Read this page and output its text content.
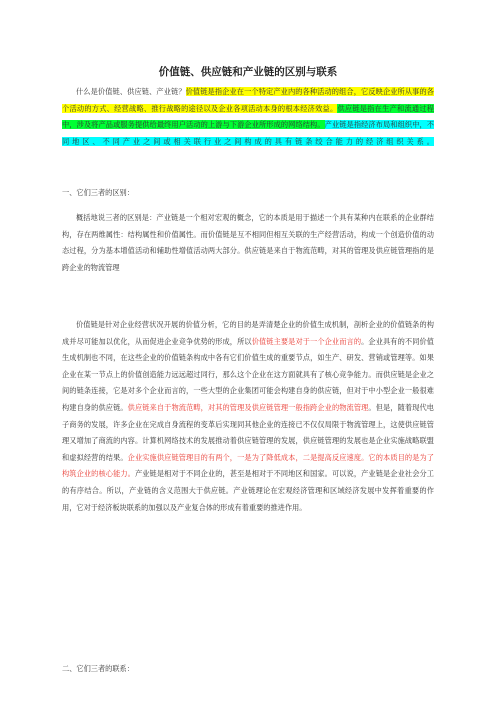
价值链、供应链和产业链的区别与联系
什么是价值链、供应链、产业链？价值链是指企业在一个特定产业内的各种活动的组合，它反映企业所从事的各个活动的方式、经营战略、推行战略的途径以及企业各项活动本身的根本经济效益。供应链是指在生产和流通过程中，涉及将产品或服务提供给最终用户活动的上游与下游企业所形成的网络结构。产业链是指经济布局和组织中，不同地区、不同产业之间或相关联行业之间构成的具有链条绞合能力的经济组织关系。
一、它们三者的区别：
概括地说三者的区别是：产业链是一个相对宏观的概念，它的本质是用于描述一个具有某种内在联系的企业群结构，存在两维属性：结构属性和价值属性。而价值链是互不相同但相互关联的生产经营活动，构成一个创造价值的动态过程，分为基本增值活动和辅助性增值活动两大部分。供应链是来自于物流范畴，对其的管理及供应链管理指的是跨企业的物流管理
价值链是针对企业经营状况开展的价值分析，它的目的是弄清楚企业的价值生成机制，剖析企业的价值链条的构成并尽可能加以优化，从而促进企业竞争优势的形成，所以价值链主要是对于一个企业而言的。企业具有的不同价值生成机制也不同，在这些企业的价值链条构成中各有它们价值生成的重要节点，如生产、研发、营销或管理等。如果企业在某一节点上的价值创造能力远远超过同行，那么这个企业在这方面就具有了核心竞争能力。而供应链是企业之间的链条连接，它是对多个企业而言的，一些大型的企业集团可能会构建自身的供应链，但对于中小型企业一般很难构建自身的供应链。供应链来自于物流范畴，对其的管理及供应链管理一般指跨企业的物流管理。但是，随着现代电子商务的发展，许多企业在完成自身流程的变革后实现同其他企业的连接已不仅仅局限于物流管理上，这使供应链管理又增加了商流的内容。计算机网络技术的发展推动着供应链管理的发展，供应链管理的发展也是企业实施战略联盟和虚拟经营的结果。企业实施供应链管理目的有两个，一是为了降低成本，二是提高反应速度。它的本质目的是为了构筑企业的核心能力。产业链是相对于不同企业的，甚至是相对于不同地区和国家。可以说，产业链是企业社会分工的有序结合。所以，产业链的含义范围大于供应链。产业链理论在宏观经济管理和区域经济发展中发挥着重要的作用，它对于经济板块联系的加强以及产业复合体的形成有着重要的推进作用。
二、它们三者的联系：
